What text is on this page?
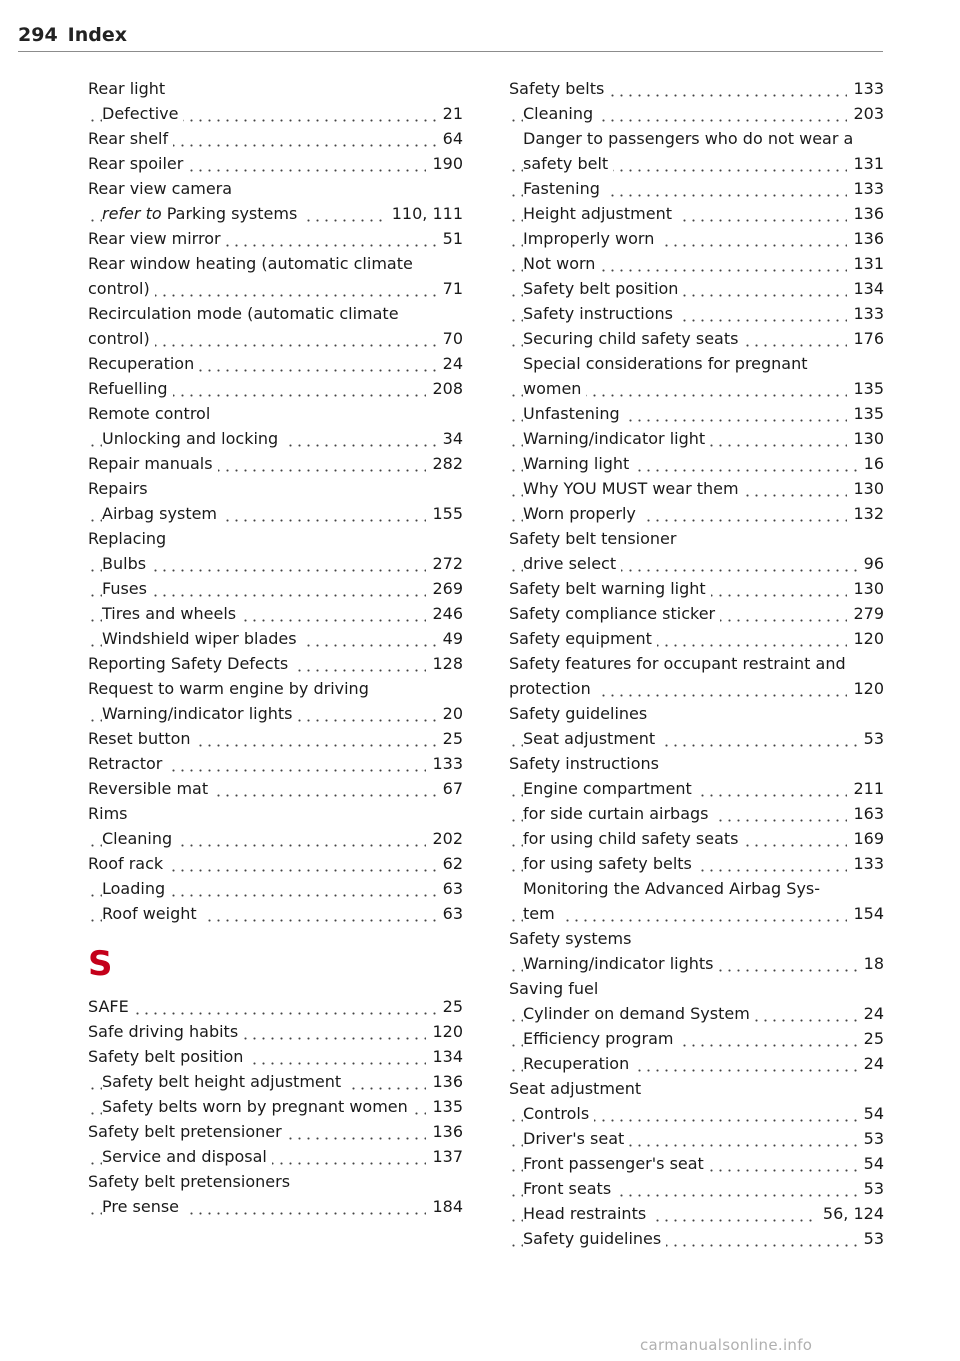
294 Index
Rear light
Defective	21
Rear shelf	64
Rear spoiler	190
Rear view camera
refer to Parking systems	110, 111
Rear view mirror	51
Rear window heating (automatic climate
control)	71
Recirculation mode (automatic climate
control)	70
Recuperation	24
Refuelling	208
Remote control
Unlocking and locking	34
Repair manuals	282
Repairs
Airbag system	155
Replacing
Bulbs	272
Fuses	269
Tires and wheels	246
Windshield wiper blades	49
Reporting Safety Defects	128
Request to warm engine by driving
Warning/indicator lights	20
Reset button	25
Retractor	133
Reversible mat	67
Rims
Cleaning	202
Roof rack	62
Loading	63
Roof weight	63
S
SAFE	25
Safe driving habits	120
Safety belt position	134
Safety belt height adjustment	136
Safety belts worn by pregnant women	135
Safety belt pretensioner	136
Service and disposal	137
Safety belt pretensioners
Pre sense	184
Safety belts	133
Cleaning	203
Danger to passengers who do not wear a
safety belt	131
Fastening	133
Height adjustment	136
Improperly worn	136
Not worn	131
Safety belt position	134
Safety instructions	133
Securing child safety seats	176
Special considerations for pregnant
women	135
Unfastening	135
Warning/indicator light	130
Warning light	16
Why YOU MUST wear them	130
Worn properly	132
Safety belt tensioner
drive select	96
Safety belt warning light	130
Safety compliance sticker	279
Safety equipment	120
Safety features for occupant restraint and
protection	120
Safety guidelines
Seat adjustment	53
Safety instructions
Engine compartment	211
for side curtain airbags	163
for using child safety seats	169
for using safety belts	133
Monitoring the Advanced Airbag Sys-
tem	154
Safety systems
Warning/indicator lights	18
Saving fuel
Cylinder on demand System	24
Efficiency program	25
Recuperation	24
Seat adjustment
Controls	54
Driver's seat	53
Front passenger's seat	54
Front seats	53
Head restraints	56, 124
Safety guidelines	53
carmanualsonline.info
